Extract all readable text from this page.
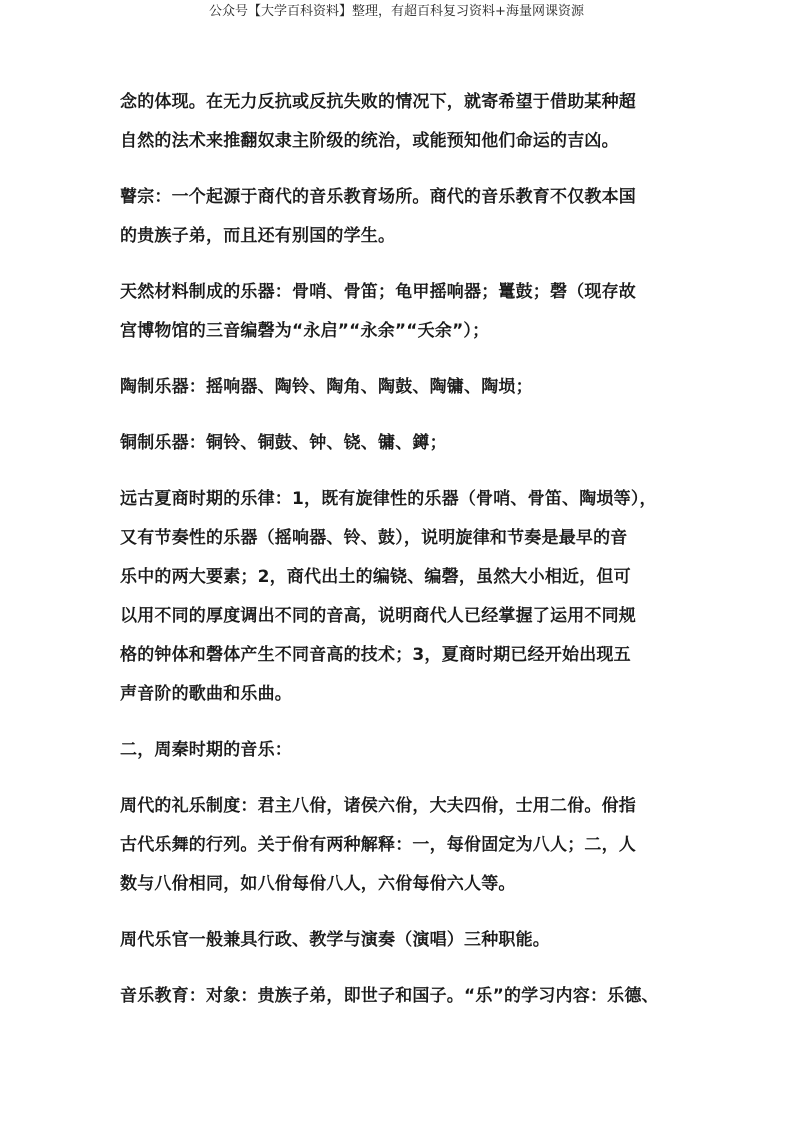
公众号【大学百科资料】整理，有超百科复习资料+海量网课资源

念的体现。在无力反抗或反抗失败的情况下，就寄希望于借助某种超

自然的法术来推翻奴隶主阶级的统治，或能预知他们命运的吉凶。

瞽宗：一个起源于商代的音乐教育场所。商代的音乐教育不仅教本国

的贵族子弟，而且还有别国的学生。

天然材料制成的乐器：骨哨、骨笛；龟甲摇响器；鼍鼓；磬（现存故

宫博物馆的三音编磬为“永启”“永余”“夭余”）；

陶制乐器：摇响器、陶铃、陶角、陶鼓、陶镛、陶埙；

铜制乐器：铜铃、铜鼓、钟、铙、镛、鐏；

远古夏商时期的乐律：1，既有旋律性的乐器（骨哨、骨笛、陶埙等），

又有节奏性的乐器（摇响器、铃、鼓），说明旋律和节奏是最早的音

乐中的两大要素；2，商代出土的编铙、编磬，虽然大小相近，但可

以用不同的厚度调出不同的音高，说明商代人已经掌握了运用不同规

格的钟体和磬体产生不同音高的技术；3，夏商时期已经开始出现五

声音阶的歌曲和乐曲。

二，周秦时期的音乐：

周代的礼乐制度：君主八佾，诸侯六佾，大夫四佾，士用二佾。佾指

古代乐舞的行列。关于佾有两种解释：一，每佾固定为八人；二，人

数与八佾相同，如八佾每佾八人，六佾每佾六人等。

周代乐官一般兼具行政、教学与演奏（演唱）三种职能。

音乐教育：对象：贵族子弟，即世子和国子。“乐”的学习内容：乐德、
